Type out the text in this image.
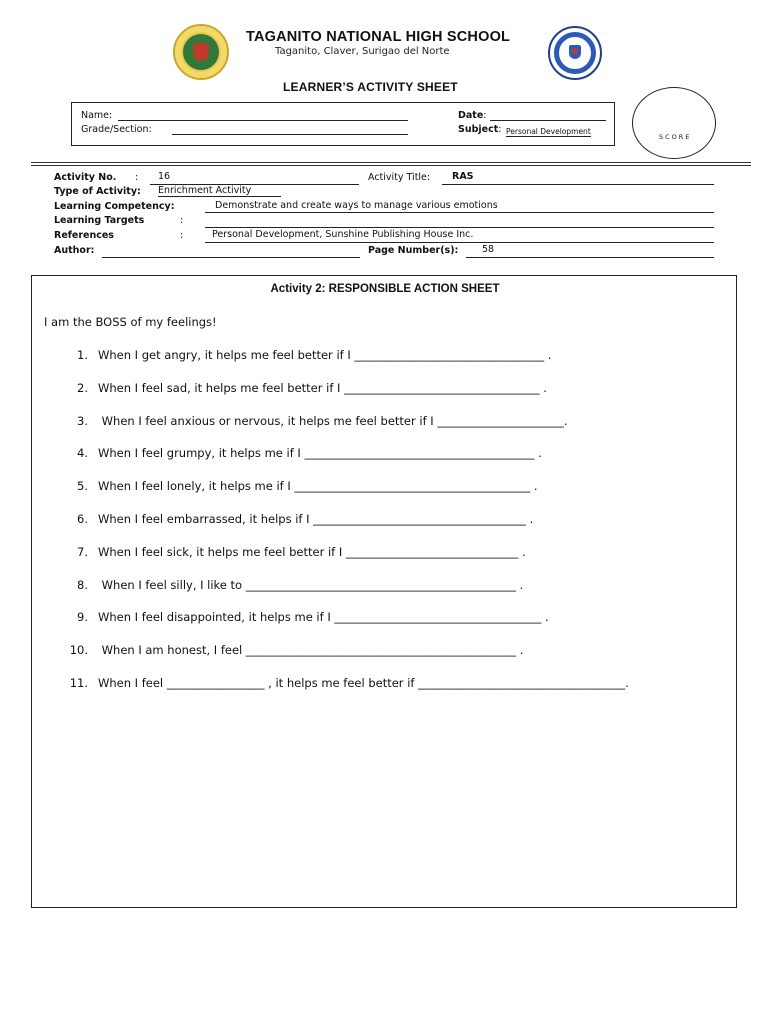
TAGANITO NATIONAL HIGH SCHOOL
Taganito, Claver, Surigao del Norte
LEARNER’S ACTIVITY SHEET
Name:
Grade/Section:
Date:
Subject: Personal Development
SCORE
Activity No. : 16	Activity Title: RAS
Type of Activity: Enrichment Activity
Learning Competency:	Demonstrate and create ways to manage various emotions
Learning Targets	:
References	:	Personal Development, Sunshine Publishing House Inc.
Author:	Page Number(s): 58
Activity 2: RESPONSIBLE ACTION SHEET
I am the BOSS of my feelings!
1. When I get angry, it helps me feel better if I _________________________________ .
2. When I feel sad, it helps me feel better if I __________________________________ .
3. When I feel anxious or nervous, it helps me feel better if I ______________________.
4. When I feel grumpy, it helps me if I ________________________________________ .
5. When I feel lonely, it helps me if I _________________________________________ .
6. When I feel embarrassed, it helps if I _____________________________________ .
7. When I feel sick, it helps me feel better if I ______________________________ .
8. When I feel silly, I like to _______________________________________________ .
9. When I feel disappointed, it helps me if I ____________________________________ .
10. When I am honest, I feel _______________________________________________ .
11. When I feel _________________ , it helps me feel better if ____________________________________.
